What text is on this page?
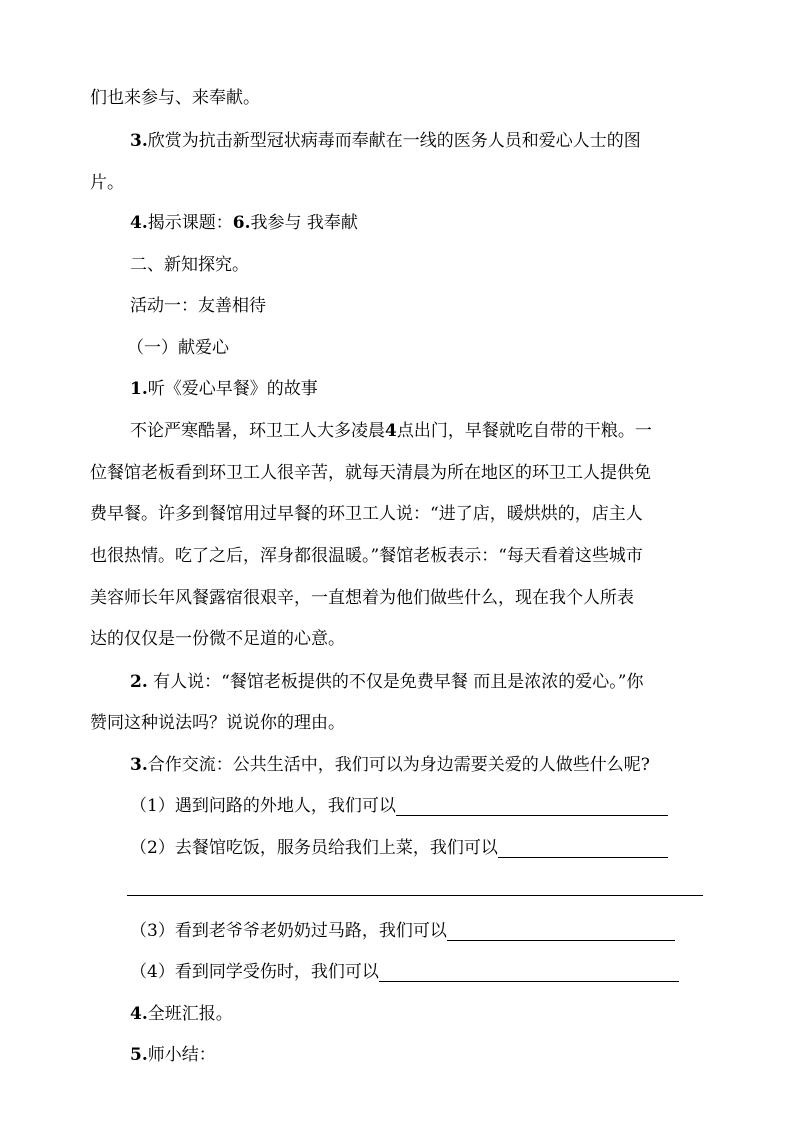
们也来参与、来奉献。
3.欣赏为抗击新型冠状病毒而奉献在一线的医务人员和爱心人士的图
片。
4.揭示课题：6.我参与 我奉献
二、新知探究。
活动一：友善相待
（一）献爱心
1.听《爱心早餐》的故事
不论严寒酷暑，环卫工人大多凌晨4点出门，早餐就吃自带的干粮。一
位餐馆老板看到环卫工人很辛苦，就每天清晨为所在地区的环卫工人提供免
费早餐。许多到餐馆用过早餐的环卫工人说：“进了店，暖烘烘的，店主人
也很热情。吃了之后，浑身都很温暖。”餐馆老板表示：“每天看着这些城市
美容师长年风餐露宿很艰辛，一直想着为他们做些什么，现在我个人所表
达的仅仅是一份微不足道的心意。
2. 有人说：“餐馆老板提供的不仅是免费早餐 而且是浓浓的爱心。”你
赞同这种说法吗？说说你的理由。
3.合作交流：公共生活中，我们可以为身边需要关爱的人做些什么呢?
（1）遇到问路的外地人，我们可以
（2）去餐馆吃饭，服务员给我们上菜，我们可以
（3）看到老爷爷老奶奶过马路，我们可以
（4）看到同学受伤时，我们可以
4.全班汇报。
5.师小结：
